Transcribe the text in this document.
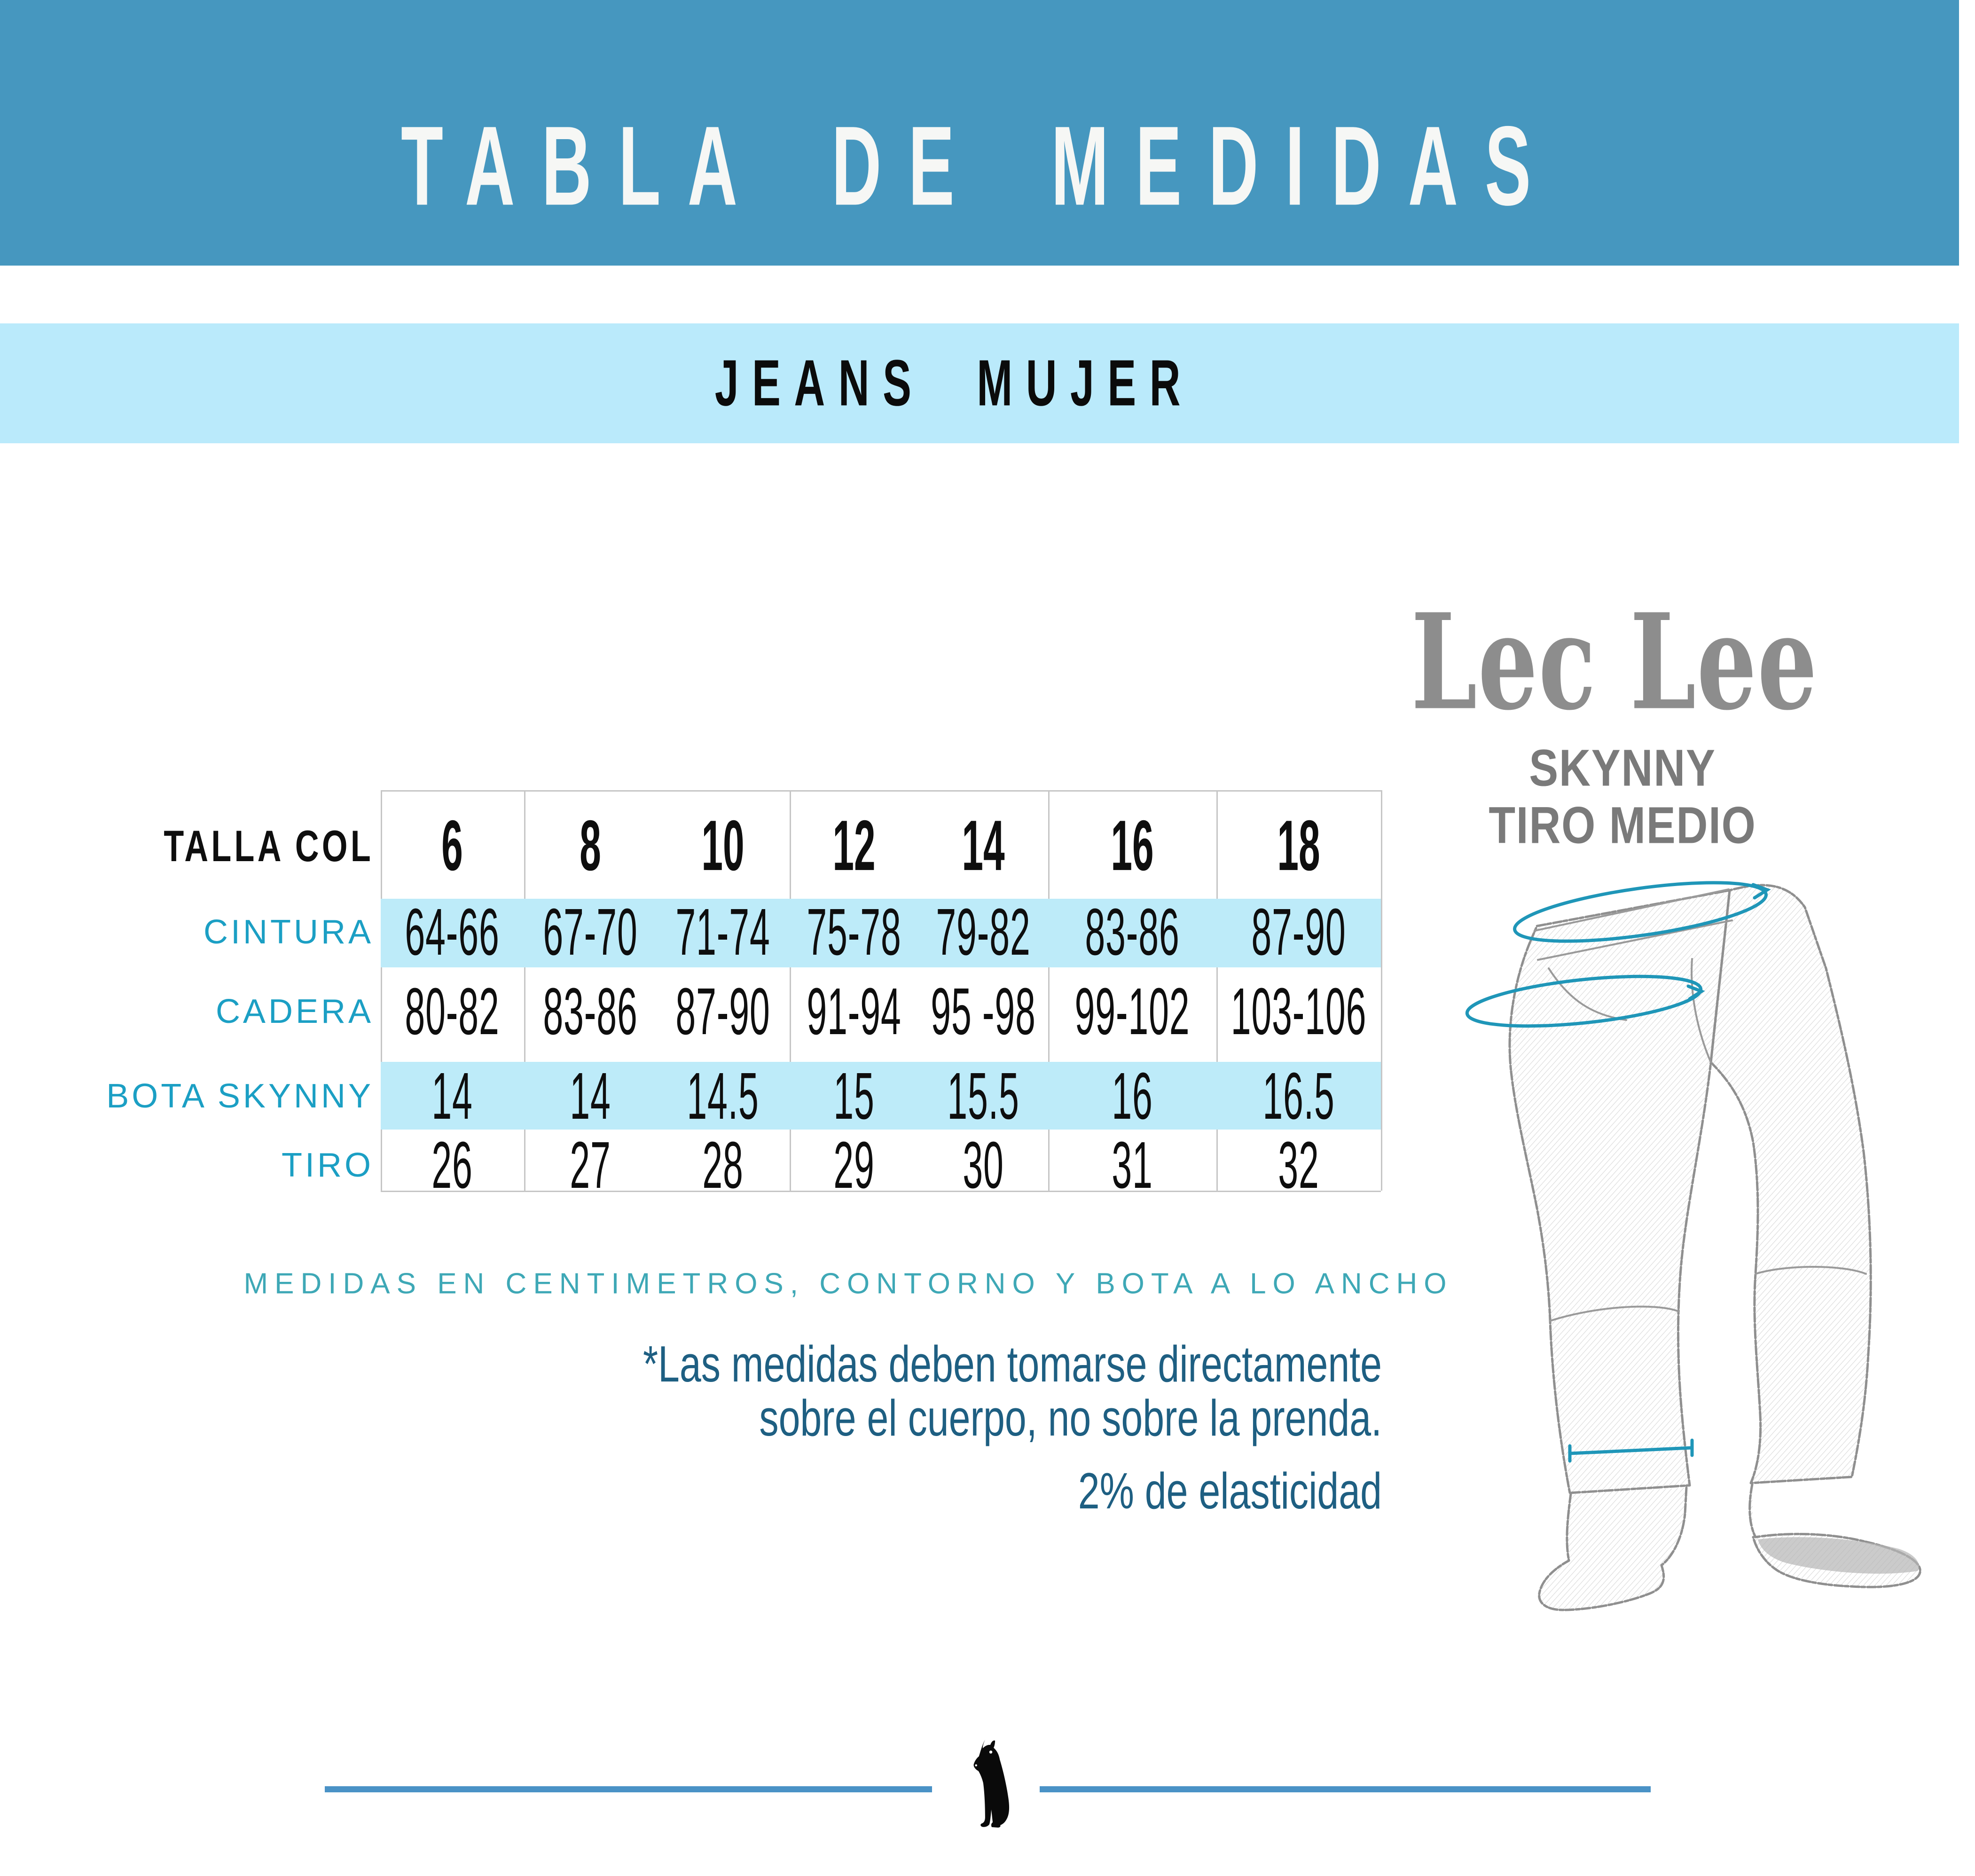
TABLA DE MEDIDAS
JEANS MUJER
TALLA COL 6 8 10 12 14 16	18
CINTURA 64-66 67-70 71-74 75-78 79-82 83-86 87-90
CADERA 80-82 83-86 87-90 91-94 95 -98 99-102 103-106
BOTA SKYNNY 14 14 14.5 15 15.5 16 16.5
TIRO 26 27 28 29 30 31	32
MEDIDAS EN CENTIMETROS, CONTORNO Y BOTA A LO ANCHO
*Las medidas deben tomarse directamente
sobre el cuerpo, no sobre la prenda.
2% de elasticidad
Lec Lee
SKYNNY
TIRO MEDIO
